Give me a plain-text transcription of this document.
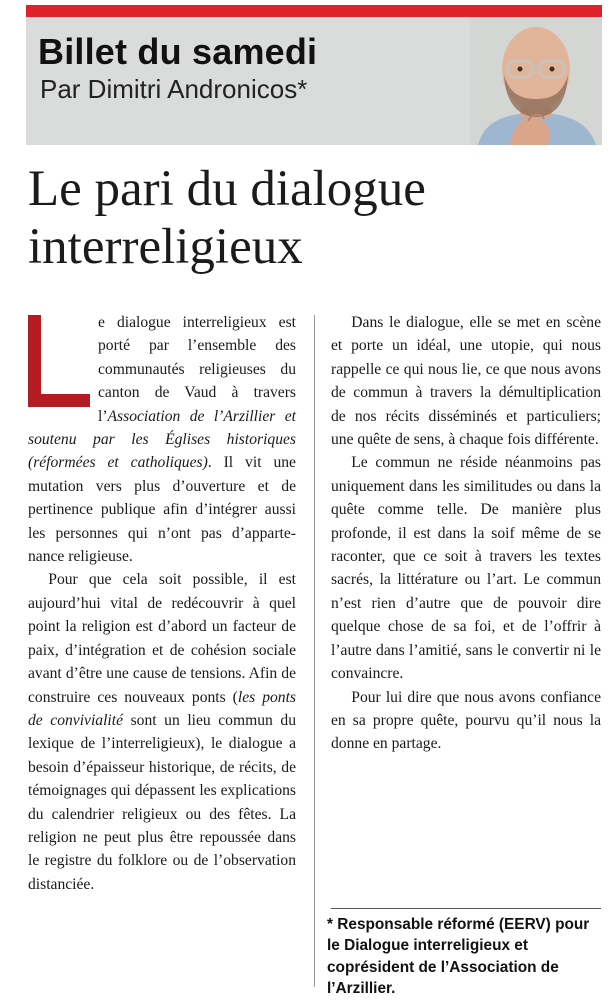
Billet du samedi
Par Dimitri Andronicos*
Le pari du dialogue
interreligieux

e dialogue interreligieux est porté par l’ensemble des communautés religieuses du canton de Vaud à travers l’Association de l’Arzillier et soutenu par les Églises historiques (réformées et catholiques). Il vit une mutation vers plus d’ouverture et de pertinence publique afin d’intégrer aussi les personnes qui n’ont pas d’appartenance religieuse.

Pour que cela soit possible, il est aujourd’hui vital de redécouvrir à quel point la religion est d’abord un facteur de paix, d’intégration et de cohésion sociale avant d’être une cause de tensions. Afin de construire ces nouveaux ponts (les ponts de convivialité sont un lieu commun du lexique de l’interreligieux), le dialogue a besoin d’épaisseur historique, de récits, de témoignages qui dépassent les explications du calendrier religieux ou des fêtes. La religion ne peut plus être repoussée dans le registre du folklore ou de l’observation distanciée.

Dans le dialogue, elle se met en scène et porte un idéal, une utopie, qui nous rappelle ce qui nous lie, ce que nous avons de commun à travers la démultiplication de nos récits disséminés et particuliers; une quête de sens, à chaque fois différente.

Le commun ne réside néanmoins pas uniquement dans les similitudes ou dans la quête comme telle. De manière plus profonde, il est dans la soif même de se raconter, que ce soit à travers les textes sacrés, la littérature ou l’art. Le commun n’est rien d’autre que de pouvoir dire quelque chose de sa foi, et de l’offrir à l’autre dans l’amitié, sans le convertir ni le convaincre.

Pour lui dire que nous avons confiance en sa propre quête, pourvu qu’il nous la donne en partage.

* Responsable réformé (EERV) pour le Dialogue interreligieux et coprésident de l’Association de l’Arzillier.
